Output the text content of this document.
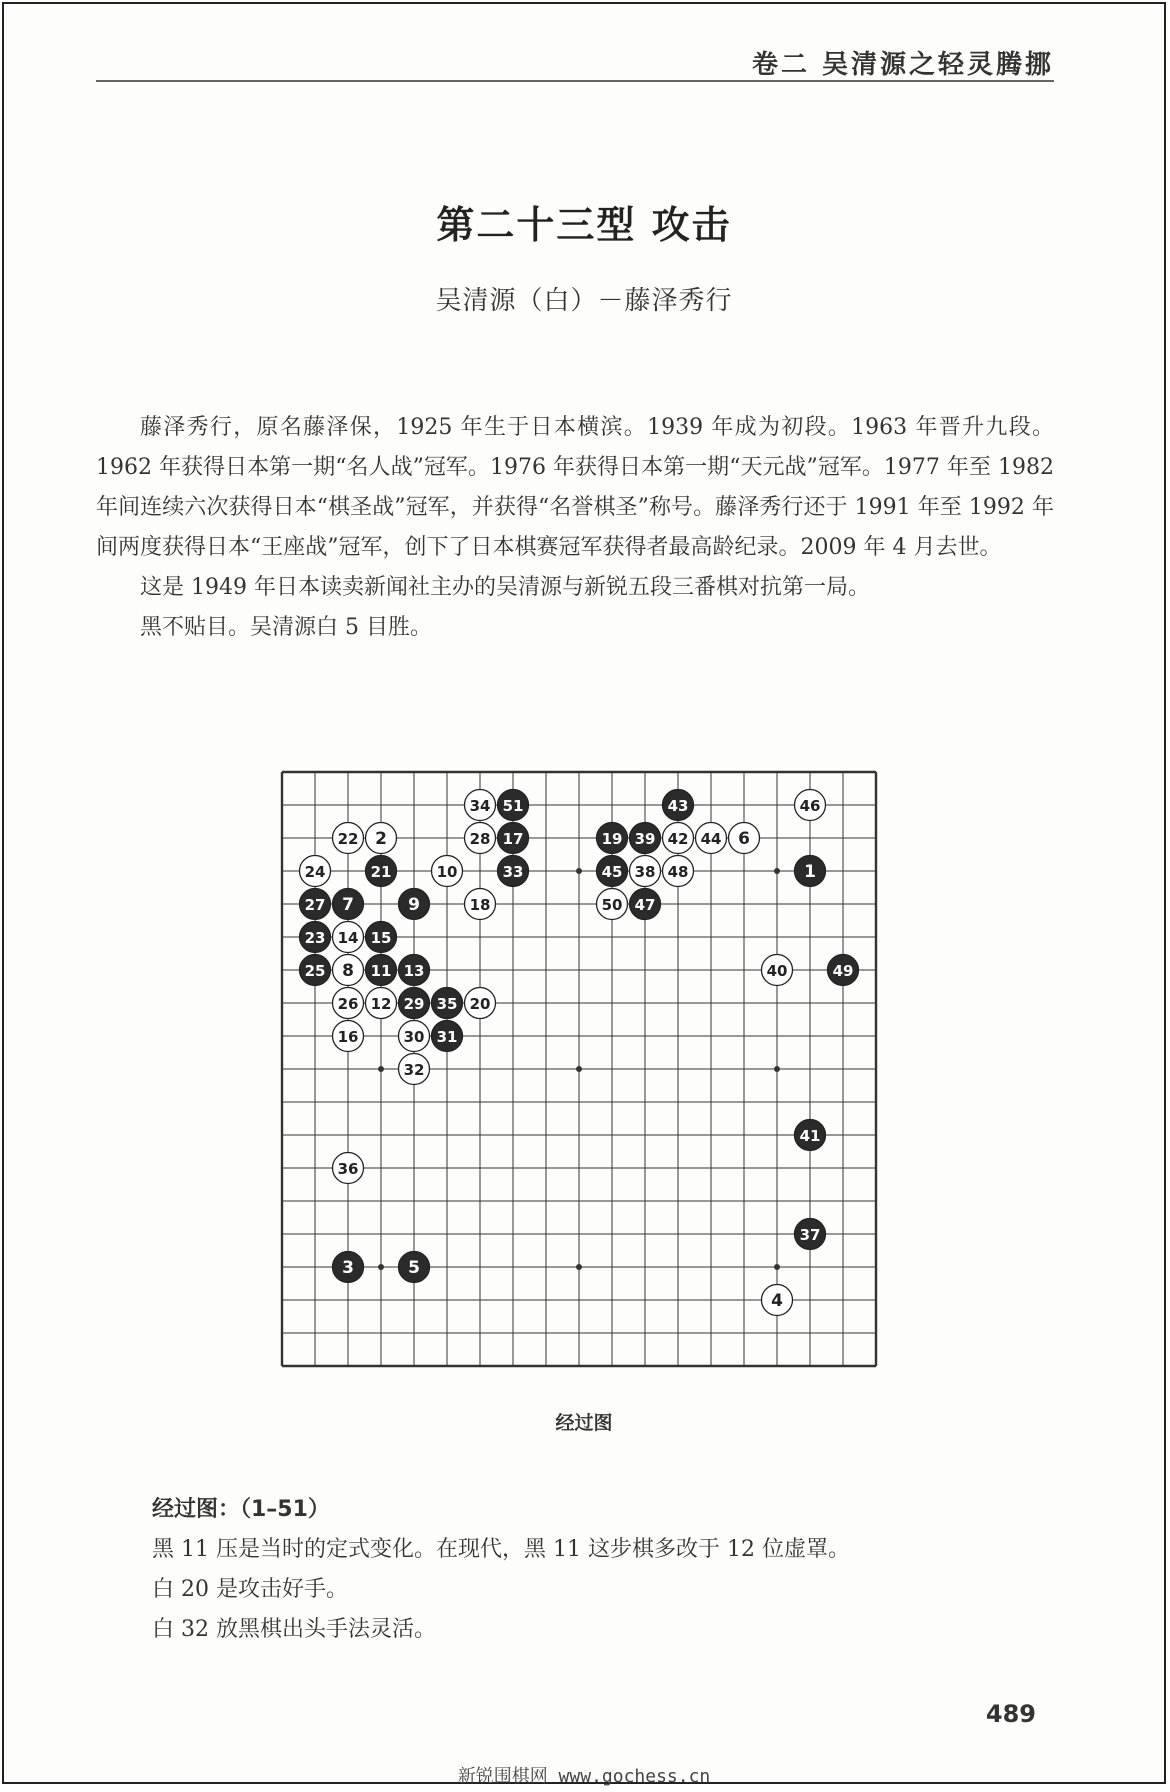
卷二 吴清源之轻灵腾挪
第二十三型 攻击
吴清源（白）－藤泽秀行

藤泽秀行，原名藤泽保，1925 年生于日本横滨。1939 年成为初段。1963 年晋升九段。1962 年获得日本第一期“名人战”冠军。1976 年获得日本第一期“天元战”冠军。1977 年至 1982 年间连续六次获得日本“棋圣战”冠军，并获得“名誉棋圣”称号。藤泽秀行还于 1991 年至 1992 年间两度获得日本“王座战”冠军，创下了日本棋赛冠军获得者最高龄纪录。2009 年 4 月去世。

这是 1949 年日本读卖新闻社主办的吴清源与新锐五段三番棋对抗第一局。

黑不贴目。吴清源白 5 目胜。

1
2
3
4
5
6
7
8
9
10
11
12
13
14 15
16
17
18
19
20
21
22
23
24
25
26
27
28
29
30 31
32
33
34
35
36
37
38
39
40
41
42
43
44
45
46
47
48
49
50
51
经过图
经过图：（1–51）
黑 11 压是当时的定式变化。在现代，黑 11 这步棋多改于 12 位虚罩。
白 20 是攻击好手。
白 32 放黑棋出头手法灵活。
489
新锐围棋网 www.gochess.cn
